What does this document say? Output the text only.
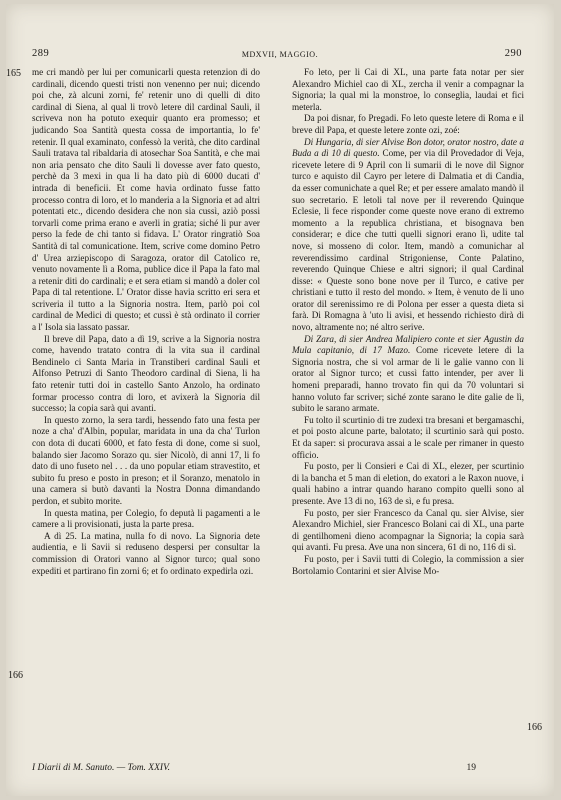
289	MDXVII, MAGGIO.	290
165
166
166

me cri mandò per lui per comunicarli questa retenzion di do cardinali, dicendo questi tristi non venenno per nui; dicendo poi che, zà alcuni zorni, fe' retenir uno di quelli di dito cardinal di Siena, al qual li trovò letere dil cardinal Sauli, il scriveva non ha potuto exequir quanto era promesso; et judicando Soa Santità questa cossa de importantia, lo fe' retenir. Il qual examinato, confessò la verità, che dito cardinal Sauli tratava tal ribaldaria di atosechar Soa Santità, e che mai non aria pensato che dito Sauli li dovesse aver fato questo, perchè da 3 mexi in qua li ha dato più di 6000 ducati d' intrada di beneficii. Et come havia ordinato fusse fatto processo contra di loro, et lo manderia a la Signoria et ad altri potentati etc., dicendo desidera che non sia cussì, aziò possi torvarli come prima erano e averli in gratia; siché li pur aver perso la fede de chi tanto si fidava. L' Orator ringratiò Soa Santità di tal comunicatione. Item, scrive come domino Petro d' Urea arziepiscopo di Saragoza, orator dil Catolico re, venuto novamente lì a Roma, publice dice il Papa la fato mal a retenir diti do cardinali; e et sera etiam si mandò a doler col Papa di tal retentione. L' Orator disse havia scritto eri sera et scriveria il tutto a la Signoria nostra. Item, parlò poi col cardinal de Medici di questo; et cussì è stà ordinato il corrier a l' Isola sia lassato passar.

Il breve dil Papa, dato a dì 19, scrive a la Signoria nostra come, havendo tratato contra di la vita sua il cardinal Bendinelo ci Santa Maria in Transtiberi cardinal Sauli et Alfonso Petruzi di Santo Theodoro cardinal di Siena, li ha fato retenir tutti doi in castello Santo Anzolo, ha ordinato formar processo contra di loro, et avixerà la Signoria dil successo; la copia sarà qui avanti.

In questo zorno, la sera tardi, hessendo fato una festa per noze a cha' d'Albin, popular, maridata in una da cha' Turlon con dota di ducati 6000, et fato festa di done, come si suol, balando sier Jacomo Sorazo qu. sier Nicolò, di anni 17, li fo dato di uno fuseto nel . . . da uno popular etiam stravestito, et subito fu preso e posto in preson; et il Soranzo, menatolo in una camera si butò davanti la Nostra Donna dimandando perdon, et subito morite.

In questa matina, per Colegio, fo deputà li pagamenti a le camere a li provisionati, justa la parte presa.

A dì 25. La matina, nulla fo di novo. La Signoria dete audientia, e li Savii si reduseno despersi per consultar la commission di Oratori vanno al Signor turco; qual sono expediti et partirano fin zorni 6; et fo ordinato expedirla ozi.

Fo leto, per li Cai di XL, una parte fata notar per sier Alexandro Michiel cao di XL, zercha il venir a compagnar la Signoria; la qual mi la monstroe, lo conseglia, laudai et fici meterla.

Da poi disnar, fo Pregadi. Fo leto queste letere di Roma e il breve dil Papa, et queste letere zonte ozi, zoé:

Di Hungaria, di sier Alvise Bon dotor, orator nostro, date a Buda a dì 10 di questo. Come, per via dil Provedador di Veja, ricevete letere di 9 April con li sumarii di le nove dil Signor turco e aquisto dil Cayro per letere di Dalmatia et di Candia, da esser comunichate a quel Re; et per essere amalato mandò il suo secretario. E letoli tal nove per il reverendo Quinque Eclesie, li fece risponder come queste nove erano di extremo momento a la republica christiana, et bisognava ben considerar; e dice che tutti quelli signori erano lì, udite tal nove, si mosseno di color. Item, mandò a comunichar al reverendissimo cardinal Strigoniense, Conte Palatino, reverendo Quinque Chiese e altri signori; il qual Cardinal disse: « Queste sono bone nove per il Turco, e cative per christiani e tutto il resto del mondo. » Item, è venuto de li uno orator dil serenissimo re di Polona per esser a questa dieta si farà. Di Romagna à 'uto li avisi, et hessendo richiesto dirà di novo, altramente no; né altro serive.

Di Zara, di sier Andrea Malipiero conte et sier Agustin da Mula capitanio, di 17 Mazo. Come ricevete letere di la Signoria nostra, che si vol armar de li le galie vanno con li orator al Signor turco; et cussì fatto intender, per aver li homeni preparadi, hanno trovato fin qui da 70 voluntari si hanno voluto far scriver; siché zonte sarano le dite galie de lì, subito le sarano armate.

Fu tolto il scurtinio di tre zudexi tra bresani et bergamaschi, et poi posto alcune parte, balotato; il scurtinio sarà qui posto. Et da saper: si procurava assai a le scale per rimaner in questo officio.

Fu posto, per li Consieri e Cai di XL, elezer, per scurtinio di la bancha et 5 man di eletion, do exatori a le Raxon nuove, i quali habino a intrar quando harano compito quelli sono al presente. Ave 13 di no, 163 de sì, e fu presa.

Fu posto, per sier Francesco da Canal qu. sier Alvise, sier Alexandro Michiel, sier Francesco Bolani cai di XL, una parte di gentilhomeni dieno acompagnar la Signoria; la copia sarà qui avanti. Fu presa. Ave una non sincera, 61 di no, 116 di sì.

Fu posto, per i Savii tutti di Colegio, la commission a sier Bortolamio Contarini et sier Alvise Mo-

I Diarii di M. Sanuto. — Tom. XXIV.	19
